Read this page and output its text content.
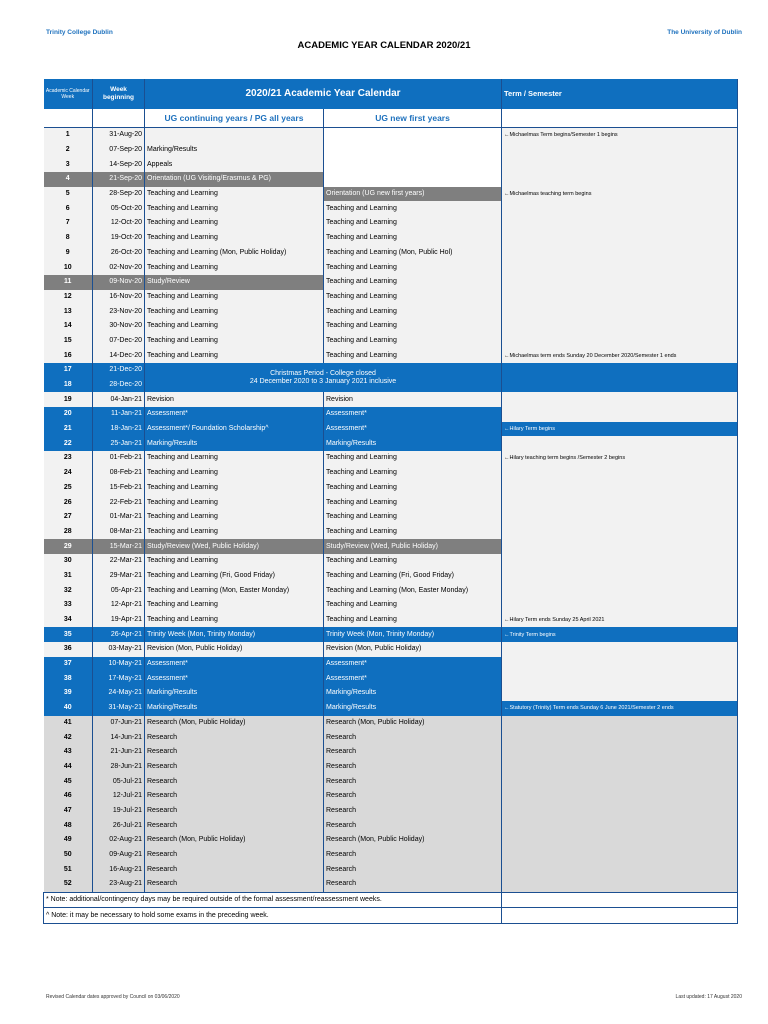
Trinity College Dublin	The University of Dublin
ACADEMIC YEAR CALENDAR 2020/21
Academic Calendar Week	Week beginning	2020/21 Academic Year Calendar		Term / Semester
		UG continuing years / PG all years	UG new first years	
1	31-Aug-20			←Michaelmas Term begins/Semester 1 begins
2	07-Sep-20	Marking/Results		
3	14-Sep-20	Appeals		
4	21-Sep-20	Orientation (UG Visiting/Erasmus & PG)		
5	28-Sep-20	Teaching and Learning	Orientation (UG new first years)	←Michaelmas teaching term begins
6	05-Oct-20	Teaching and Learning	Teaching and Learning	
7	12-Oct-20	Teaching and Learning	Teaching and Learning	
8	19-Oct-20	Teaching and Learning	Teaching and Learning	
9	26-Oct-20	Teaching and Learning (Mon, Public Holiday)	Teaching and Learning (Mon, Public Hol)	
10	02-Nov-20	Teaching and Learning	Teaching and Learning	
11	09-Nov-20	Study/Review	Teaching and Learning	
12	16-Nov-20	Teaching and Learning	Teaching and Learning	
13	23-Nov-20	Teaching and Learning	Teaching and Learning	
14	30-Nov-20	Teaching and Learning	Teaching and Learning	
15	07-Dec-20	Teaching and Learning	Teaching and Learning	
16	14-Dec-20	Teaching and Learning	Teaching and Learning	←Michaelmas term ends Sunday 20 December 2020/Semester 1 ends
17	21-Dec-20	Christmas Period - College closed
24 December 2020 to 3 January 2021 inclusive		

18	28-Dec-20			
19	04-Jan-21	Revision	Revision	
20	11-Jan-21	Assessment*	Assessment*	
21	18-Jan-21	Assessment*/ Foundation Scholarship^	Assessment*	←Hilary Term begins
22	25-Jan-21	Marking/Results	Marking/Results	
23	01-Feb-21	Teaching and Learning	Teaching and Learning	←Hilary teaching term begins /Semester 2 begins
24	08-Feb-21	Teaching and Learning	Teaching and Learning	
25	15-Feb-21	Teaching and Learning	Teaching and Learning	
26	22-Feb-21	Teaching and Learning	Teaching and Learning	
27	01-Mar-21	Teaching and Learning	Teaching and Learning	
28	08-Mar-21	Teaching and Learning	Teaching and Learning	
29	15-Mar-21	Study/Review (Wed, Public Holiday)	Study/Review (Wed, Public Holiday)	
30	22-Mar-21	Teaching and Learning	Teaching and Learning	
31	29-Mar-21	Teaching and Learning (Fri, Good Friday)	Teaching and Learning (Fri, Good Friday)	
32	05-Apr-21	Teaching and Learning (Mon, Easter Monday)	Teaching and Learning (Mon, Easter Monday)	
33	12-Apr-21	Teaching and Learning	Teaching and Learning	
34	19-Apr-21	Teaching and Learning	Teaching and Learning	←Hilary Term ends Sunday 25 April 2021
35	26-Apr-21	Trinity Week (Mon, Trinity Monday)	Trinity Week (Mon, Trinity Monday)	←Trinity Term begins
36	03-May-21	Revision (Mon, Public Holiday)	Revision (Mon, Public Holiday)	
37	10-May-21	Assessment*	Assessment*	
38	17-May-21	Assessment*	Assessment*	
39	24-May-21	Marking/Results	Marking/Results	
40	31-May-21	Marking/Results	Marking/Results	←Statutory (Trinity) Term ends Sunday 6 June 2021/Semester 2 ends
41	07-Jun-21	Research (Mon, Public Holiday)	Research (Mon, Public Holiday)	
42	14-Jun-21	Research	Research	
43	21-Jun-21	Research	Research	
44	28-Jun-21	Research	Research	
45	05-Jul-21	Research	Research	
46	12-Jul-21	Research	Research	
47	19-Jul-21	Research	Research	
48	26-Jul-21	Research	Research	
49	02-Aug-21	Research (Mon, Public Holiday)	Research (Mon, Public Holiday)	
50	09-Aug-21	Research	Research	
51	16-Aug-21	Research	Research	
52	23-Aug-21	Research	Research	
* Note: additional/contingency days may be required outside of the formal assessment/reassessment weeks.				
^ Note: it may be necessary to hold some exams in the preceding week.				
Revised Calendar dates approved by Council on 03/06/2020	Last updated: 17 August 2020
